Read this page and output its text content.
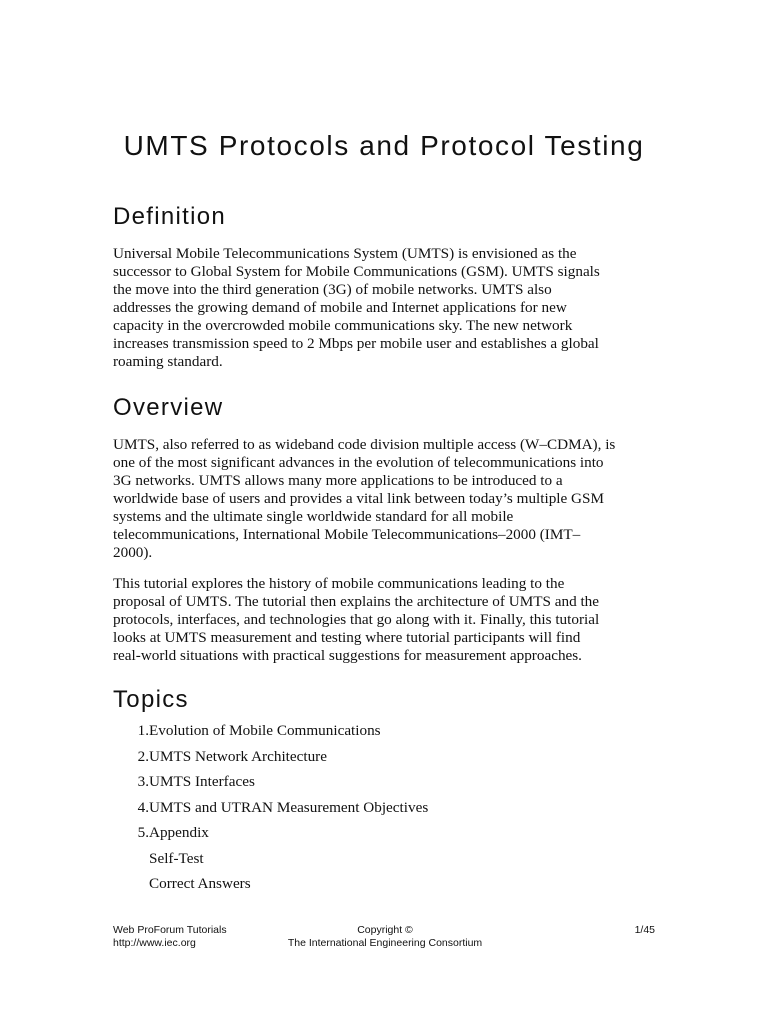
UMTS Protocols and Protocol Testing
Definition
Universal Mobile Telecommunications System (UMTS) is envisioned as the
successor to Global System for Mobile Communications (GSM). UMTS signals
the move into the third generation (3G) of mobile networks. UMTS also
addresses the growing demand of mobile and Internet applications for new
capacity in the overcrowded mobile communications sky. The new network
increases transmission speed to 2 Mbps per mobile user and establishes a global
roaming standard.
Overview
UMTS, also referred to as wideband code division multiple access (W–CDMA), is
one of the most significant advances in the evolution of telecommunications into
3G networks. UMTS allows many more applications to be introduced to a
worldwide base of users and provides a vital link between today’s multiple GSM
systems and the ultimate single worldwide standard for all mobile
telecommunications, International Mobile Telecommunications–2000 (IMT–
2000).
This tutorial explores the history of mobile communications leading to the
proposal of UMTS. The tutorial then explains the architecture of UMTS and the
protocols, interfaces, and technologies that go along with it. Finally, this tutorial
looks at UMTS measurement and testing where tutorial participants will find
real-world situations with practical suggestions for measurement approaches.
Topics
1. Evolution of Mobile Communications
2. UMTS Network Architecture
3. UMTS Interfaces
4. UMTS and UTRAN Measurement Objectives
5. Appendix
Self-Test
Correct Answers
Web ProForum Tutorials
http://www.iec.org
Copyright ©
The International Engineering Consortium
1/45
